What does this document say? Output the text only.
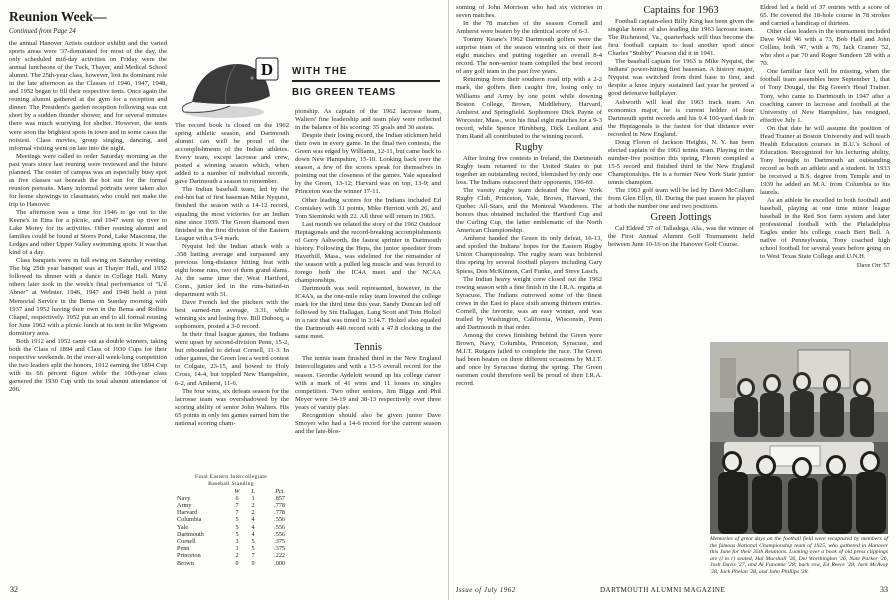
Reunion Week—
Continued from Page 24

the annual Hanover Artists outdoor exhibit and the varied sports areas were '37-dominated for most of the day, the only scheduled mid-day activities on Friday were the annual luncheons of the Tuck, Thayer, and Medical School alumni. The 25th-year class, however, lost its dominant role in the late afternoon as the Classes of 1946, 1947, 1948, and 1952 began to fill their respective tents. Once again the reuning alumni gathered at the gym for a reception and dinner. The President's garden reception following was cut short by a sudden thunder shower, and for several minutes there was much scurrying for shelter. However, the tents were soon the brightest spots in town and in some cases the noisiest. Class movies, group singing, dancing, and informal visiting went on late into the night.

Meetings were called to order Saturday morning as the past years since last reuning were reviewed and the future planned. The center of campus was an especially busy spot as five classes sat beneath the hot sun for the formal reunion portraits. Many informal portraits were taken also for home showings to classmates who could not make the trip to Hanover.

The afternoon was a time for 1946 to go out to the Keene's in Etna for a picnic, and 1947 went up river to Lake Morey for its activities. Other reuning alumni and families could be found at Storrs Pond, Lake Mascoma, the Ledges and other Upper Valley swimming spots. It was that kind of a day.

Class banquets were in full swing on Saturday evening. The big 25th year banquet was at Thayer Hall, and 1952 followed its dinner with a dance in College Hall. Many others later took in the week's final performance of "L'il Abner" at Webster. 1946, 1947 and 1948 held a joint Memorial Service in the Bema on Sunday morning with 1937 and 1952 having their own in the Bema and Rollins Chapel, respectively. 1952 put an end to all formal reuning for June 1962 with a picnic lunch at its tent in the Wigwam dormitory area.

Both 1912 and 1952 came out as double winners, taking both the Class of 1894 and Class of 1930 Cups for their respective weekends. In the over-all week-long competition the two leaders split the honors, 1912 earning the 1894 Cup with its 66 percent figure while the 10th-year class garnered the 1930 Cup with its total alumni attendance of 206.

D WITH THE
BIG GREEN TEAMS

The record book is closed on the 1962 spring athletic season, and Dartmouth alumni can well be proud of the accomplishments of the Indian athletes. Every team, except lacrosse and crew, posted a winning season which, when added to a number of individual records, gave Dartmouth a season to remember.

The Indian baseball team, led by the red-hot bat of first baseman Mike Nyquist, finished the season with a 14-12 record, equaling the most victories for an Indian nine since 1939. The Green diamond men finished in the first division of the Eastern League with a 5-4 mark.

Nyquist led the Indian attack with a .358 batting average and surpassed any previous long-distance hitting feat with eight home runs, two of them grand slams. At the same time the West Hartford, Conn., junior led in the runs-batted-in department with 31.

Dave French led the pitchers with the best earned-run average, 3.31, while winning six and losing five. Bill Dubocq, a sophomore, posted a 3-0 record.

In their final league games, the Indians were upset by second-division Penn, 15-2, but rebounded to defeat Cornell, 11-3. In other games, the Green lost a weird contest to Colgate, 23-15, and bowed to Holy Cross, 14-4, but toppled New Hampshire, 6-2, and Amherst, 11-6.

The four wins, six defeats season for the lacrosse team was overshadowed by the scoring ability of senior John Walters. His 65 points in only ten games earned him the national scoring cham-

Final Eastern Intercollegiate
Baseball Standing
W	L	Pct.
Navy	6	1	.857
Army	7	2	.778
Harvard	7	2	.778
Columbia	5	4	.556
Yale	5	4	.556
Dartmouth	5	4	.556
Cornell	3	5	.375
Penn	3	5	.375
Princeton	2	7	.222
Brown	0	9	.000

pionship. As captain of the 1962 lacrosse team, Walters' fine leadership and team play were reflected in the balance of his scoring: 35 goals and 30 assists.

Despite their losing record, the Indian stickmen held their own in every game. In the final two contests, the Green was edged by Williams, 12-11, but came back to down New Hampshire, 15-10. Looking back over the season, a few of the scores speak for themselves in pointing out the closeness of the games. Yale squeaked by the Green, 13-12; Harvard was on top, 13-9; and Princeton was the winner 17-11.

Other leading scorers for the Indians included Ed Comiskey with 31 points, Mike Herriott with 26, and Tom Sieminski with 22. All three will return in 1963.

Last month we related the story of the 1962 Outdoor Heptagonals and the record-breaking accomplishments of Gerry Ashworth, the fastest sprinter in Dartmouth history. Following the Heps, the junior speedster from Haverhill, Mass., was sidelined for the remainder of the season with a pulled leg muscle and was forced to forego both the IC4A meet and the NCAA championships.

Dartmouth was well represented, however, in the IC4A's, as the one-mile relay team lowered the college mark for the third time this year. Sandy Duncan led off followed by Stu Hallagan, Lang Scott and Tom Holzel in a race that was timed in 3:14.7. Holzel also equaled the Dartmouth 440 record with a 47.8 clocking in the same meet.

Tennis

The tennis team finished third in the New England Intercollegiates and with a 15-5 overall record for the season. Geordie Aydelott wound up his college career with a mark of 41 wins and 11 losses in singles competition. Two other seniors, Jim Biggs and Phil Meyer were 34-19 and 38-13 respectively over three years of varsity play.

Recognition should also be given junior Dave Smoyer who had a 14-6 record for the current season and the late-blos-

32

soming of John Morrison who had six victories in seven matches.

In the 78 matches of the season Cornell and Amherst were beaten by the identical score of 6-3.

Tommy Keane's 1962 Dartmouth golfers were the surprise team of the season winning six of their last eight matches and putting together an overall 8-4 record. The non-senior team compiled the best record of any golf team in the past five years.

Returning from their southern road trip with a 2-2 mark, the golfers then caught fire, losing only to Williams and Army by one point while downing Boston College, Brown, Middlebury, Harvard, Amherst and Springfield. Sophomore Dick Payne of Worcester, Mass., won his final eight matches for a 9-3 record, while Spence Hirshberg, Dick Leuliant and Tom Rand all contributed to the winning record.

Rugby

After losing five contests in Ireland, the Dartmouth Rugby team returned to the United States to put together an outstanding record, blemished by only one loss. The Indians outscored their opponents, 196-69.

The varsity rugby team defeated the New York Rugby Club, Princeton, Yale, Brown, Harvard, the Quebec All-Stars, and the Montreal Wanderers. The honors thus obtained included the Hartford Cup and the Curling Cup, the latter emblematic of the North American Championship.

Amherst handed the Green its only defeat, 16-13, and spoiled the Indians' hopes for the Eastern Rugby Union Championship. The rugby team was bolstered this spring by several football players including Gary Spiess, Don McKinnon, Carl Funke, and Steve Lasch.

The Indian heavy weight crew closed out the 1962 rowing season with a fine finish in the I.R.A. regatta at Syracuse. The Indians outrowed some of the finest crews in the East to place sixth among thirteen entries. Cornell, the favorite, was an easy winner, and was trailed by Washington, California, Wisconsin, Penn and Dartmouth in that order.

Among the crews finishing behind the Green were Brown, Navy, Columbia, Princeton, Syracuse, and M.I.T. Rutgers failed to complete the race. The Green had been beaten on three different occasions by M.I.T. and once by Syracuse during the spring. The Green oarsmen could therefore well be proud of their I.R.A. record.

Captains for 1963

Football captain-elect Billy King has been given the singular honor of also leading the 1963 lacrosse team. The Richmond, Va., quarterback will thus become the first football captain to lead another sport since Charles "Stubby" Pearson did it in 1941.

The baseball captain for 1963 is Mike Nyquist, the Indians' power-hitting first baseman. A history major, Nyquist was switched from third base to first, and despite a knee injury sustained last year he proved a good defensive ballplayer.

Ashworth will lead the 1963 track team. An economics major, he is current holder of four Dartmouth sprint records and his 9.4 100-yard dash in the Heptagonals is the fastest for that distance ever recorded in New England.

Doug Floren of Jackson Heights, N. Y. has been elected captain of the 1963 tennis team. Playing in the number-five position this spring, Floren compiled a 15-5 record and finished third in the New England Championships. He is a former New York State junior tennis champion.

The 1963 golf team will be led by Dave McCollum from Glen Ellyn, Ill. During the past season he played at both the number one and two positions.

Green Jottings

Cal Eldred '37 of Talladega, Ala., was the winner of the First Annual Alumni Golf Tournament held between June 10-16 on the Hanover Golf Course.

Eldred led a field of 37 entries with a score of 65. He covered the 18-hole course in 78 strokes and carried a handicap of thirteen.

Other class leaders in the tournament included Dave Weld '46 with a 73, Bob Hall and John Collins, both '47, with a 76, Jack Cramer '52, who shot a par 70 and Roger Sundeen '28 with a 70.

One familiar face will be missing, when the football team assembles here September 1, that of Tony Dougal, the Big Green's Head Trainer. Tony, who came to Dartmouth in 1947 after a coaching career in lacrosse and football at the University of New Hampshire, has resigned, effective July 1.

On that date he will assume the position of Head Trainer at Boston University and will teach Health Education courses in B.U.'s School of Education. Recognized for his lecturing ability, Tony brought to Dartmouth an outstanding record as both an athlete and a student. In 1933 he received a B.S. degree from Temple and in 1939 he added an M.A. from Columbia to his laurels.

As an athlete he excelled in both football and baseball, playing at one time minor league baseball in the Red Sox farm system and later professional football with the Philadelphia Eagles under his college coach Bert Bell. A native of Pennsylvania, Tony coached high school football for several years before going on to West Texas State College and U.N.H.

Dave Orr '57
Memories of great days on the football field were recaptured by members of the famous National Championship team of 1925, who gathered in Hanover this June for their 35th Reunions. Looking over a book of old press clippings are (l to r) seated, Hal Marshall '26, Del Worthington '26, Nate Parker '26, Josh Davis '27, and Al Funomie '28; back row, Ed Reece '28, Jack McAvoy '28, Jack Phelan '28, and John Phillips '28.
DARTMOUTH ALUMNI MAGAZINE
Issue of July 1962	33
